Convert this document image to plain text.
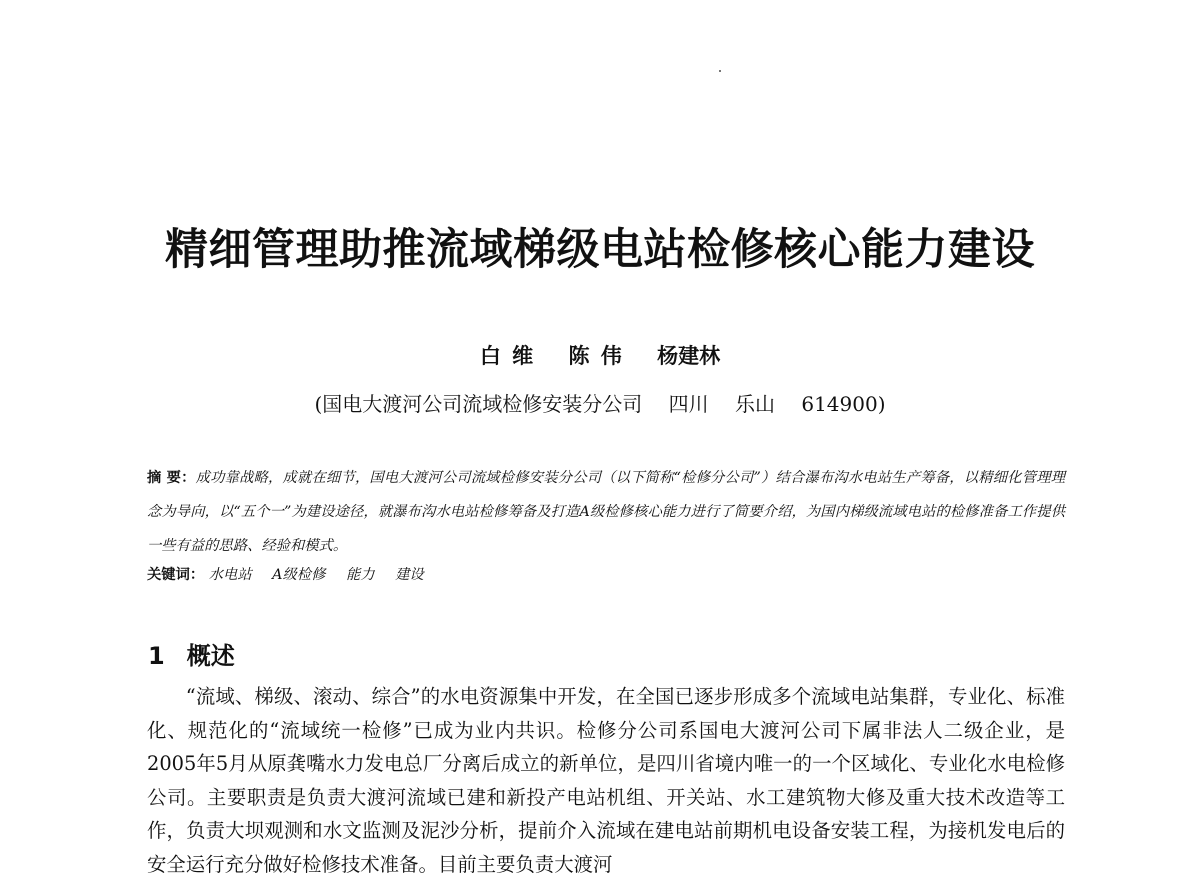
精细管理助推流域梯级电站检修核心能力建设
白 维 陈 伟 杨建林
(国电大渡河公司流域检修安装分公司 四川 乐山 614900)
摘 要：成功靠战略，成就在细节，国电大渡河公司流域检修安装分公司（以下简称“检修分公司”）结合瀑布沟水电站生产筹备，以精细化管理理念为导向，以“五个一”为建设途径，就瀑布沟水电站检修筹备及打造A级检修核心能力进行了简要介绍，为国内梯级流域电站的检修准备工作提供一些有益的思路、经验和模式。
关键词： 水电站 A级检修 能力 建设
1 概述
“流域、梯级、滚动、综合”的水电资源集中开发，在全国已逐步形成多个流域电站集群，专业化、标准化、规范化的“流域统一检修”已成为业内共识。检修分公司系国电大渡河公司下属非法人二级企业，是2005年5月从原龚嘴水力发电总厂分离后成立的新单位，是四川省境内唯一的一个区域化、专业化水电检修公司。主要职责是负责大渡河流域已建和新投产电站机组、开关站、水工建筑物大修及重大技术改造等工作，负责大坝观测和水文监测及泥沙分析，提前介入流域在建电站前期机电设备安装工程，为接机发电后的安全运行充分做好检修技术准备。目前主要负责大渡河
